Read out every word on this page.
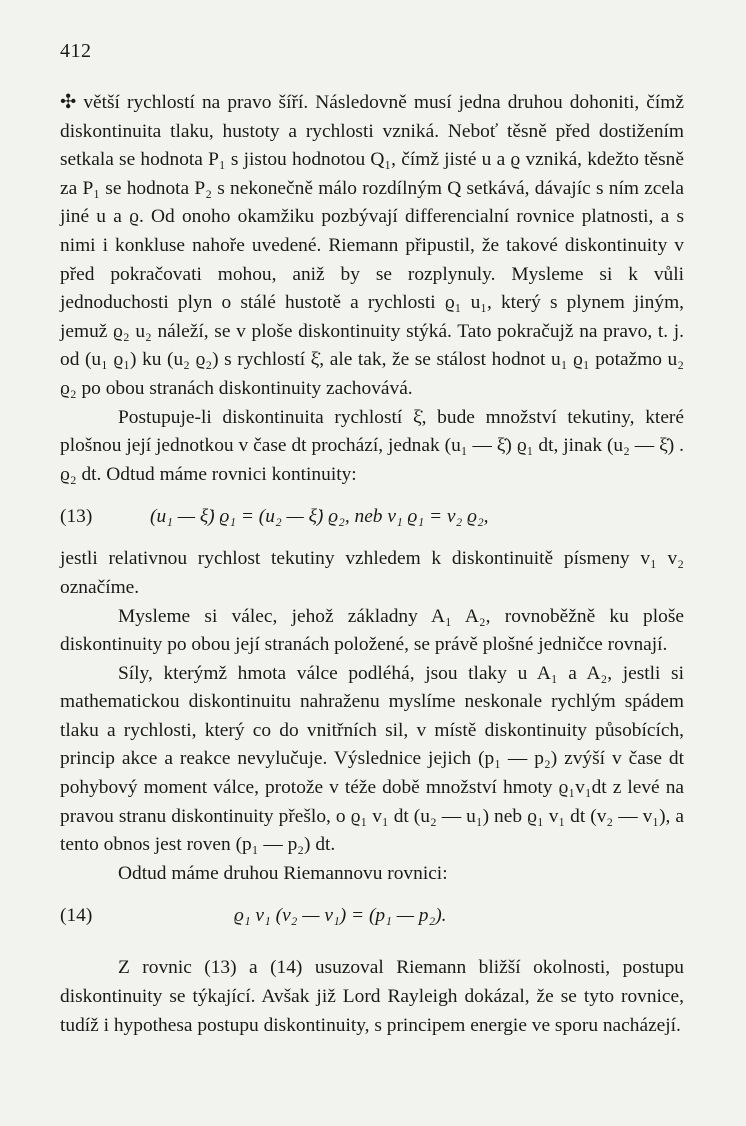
412

✣ větší rychlostí na pravo šíří. Následovně musí jedna druhou dohoniti, čímž diskontinuita tlaku, hustoty a rychlosti vzniká. Neboť těsně před dostižením setkala se hodnota P₁ s jistou hodnotou Q₁, čímž jisté u a ϱ vzniká, kdežto těsně za P₁ se hodnota P₂ s nekonečně málo rozdílným Q setkává, dávajíc s ním zcela jiné u a ϱ. Od onoho okamžiku pozbývají differencialní rovnice platnosti, a s nimi i konkluse nahoře uvedené. Riemann připustil, že takové diskontinuity v před pokračovati mohou, aniž by se rozplynuly. Mysleme si k vůli jednoduchosti plyn o stálé hustotě a rychlosti ϱ₁ u₁, který s plynem jiným, jemuž ϱ₂ u₂ náleží, se v ploše diskontinuity stýká. Tato pokračujž na pravo, t. j. od (u₁ ϱ₁) ku (u₂ ϱ₂) s rychlostí ξ̇, ale tak, že se stálost hodnot u₁ ϱ₁ potažmo u₂ ϱ₂ po obou stranách diskontinuity zachovává.

Postupuje-li diskontinuita rychlostí ξ̇, bude množství tekutiny, které plošnou její jednotkou v čase dt prochází, jednak (u₁ — ξ̇) ϱ₁ dt, jinak (u₂ — ξ̇) . ϱ₂ dt. Odtud máme rovnici kontinuity:

(13)	(u₁ — ξ̇) ϱ₁ = (u₂ — ξ̇) ϱ₂, neb v₁ ϱ₁ = v₂ ϱ₂,

jestli relativnou rychlost tekutiny vzhledem k diskontinuitě písmeny v₁ v₂ označíme.

Mysleme si válec, jehož základny A₁ A₂, rovnoběžně ku ploše diskontinuity po obou její stranách položené, se právě plošné jedničce rovnají.

Síly, kterýmž hmota válce podléhá, jsou tlaky u A₁ a A₂, jestli si mathematickou diskontinuitu nahraženu myslíme neskonale rychlým spádem tlaku a rychlosti, který co do vnitřních sil, v místě diskontinuity působících, princip akce a reakce nevylučuje. Výslednice jejich (p₁ — p₂) zvýší v čase dt pohybový moment válce, protože v téže době množství hmoty ϱ₁v₁dt z levé na pravou stranu diskontinuity přešlo, o ϱ₁ v₁ dt (u₂ — u₁) neb ϱ₁ v₁ dt (v₂ — v₁), a tento obnos jest roven (p₁ — p₂) dt.

Odtud máme druhou Riemannovu rovnici:

(14)	ϱ₁ v₁ (v₂ — v₁) = (p₁ — p₂).

Z rovnic (13) a (14) usuzoval Riemann bližší okolnosti, postupu diskontinuity se týkající. Avšak již Lord Rayleigh dokázal, že se tyto rovnice, tudíž i hypothesa postupu diskontinuity, s principem energie ve sporu nacházejí.
